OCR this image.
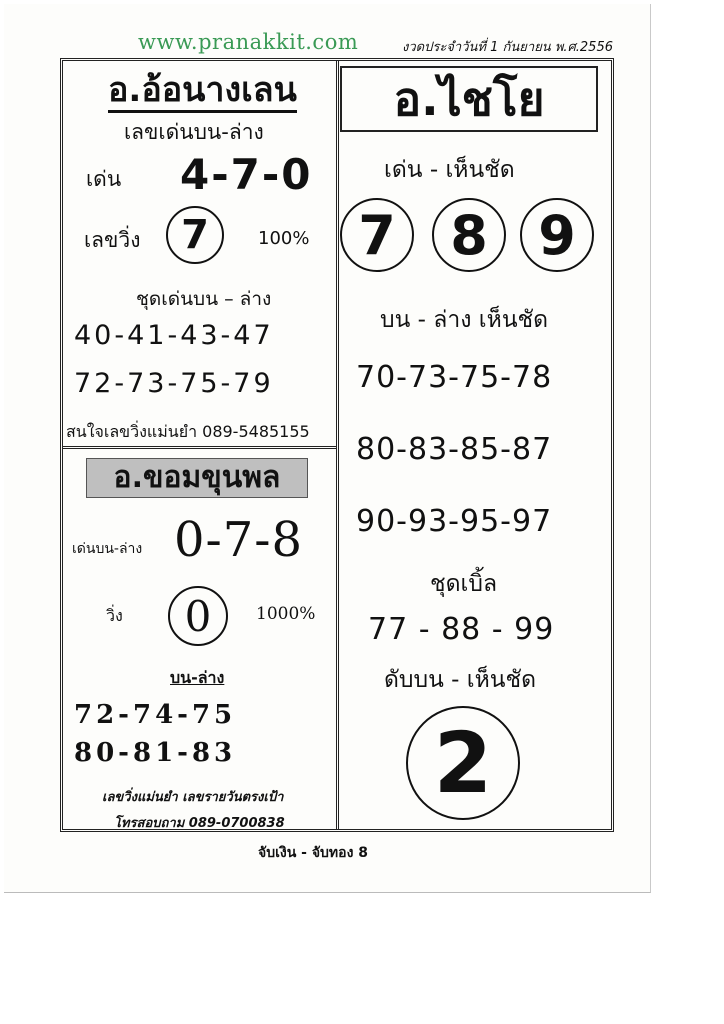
www.pranakkit.com	งวดประจำวันที่ 1 กันยายน พ.ศ.2556
อ.อ้อนางเลน
เลขเด่นบน-ล่าง
เด่น 4-7-0
เลขวิ่ง 7	100%
ชุดเด่นบน – ล่าง
40-41-43-47
72-73-75-79
สนใจเลขวิ่งแม่นยำ 089-5485155
อ.ขอมขุนพล
เด่นบน-ล่าง 0-7-8
วิ่ง 0	1000%
บน-ล่าง
72-74-75
80-81-83
เลขวิ่งแม่นยำ เลขรายวันตรงเป้า
โทรสอบถาม 089-0700838
อ.ไชโย
เด่น - เห็นชัด
7 8 9
บน - ล่าง เห็นชัด
70-73-75-78
80-83-85-87
90-93-95-97
ชุดเบิ้ล
77 - 88 - 99
ดับบน - เห็นชัด
2
จับเงิน - จับทอง 8
